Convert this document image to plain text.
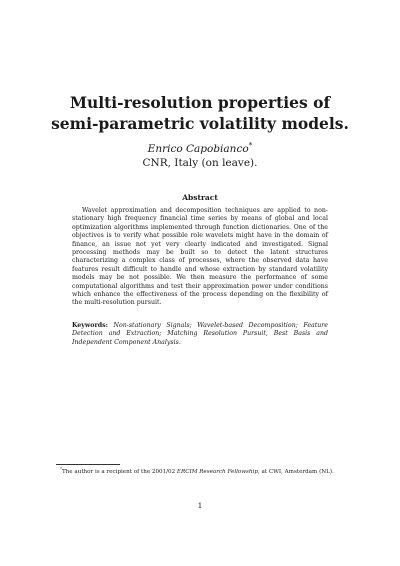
Multi-resolution properties of
semi-parametric volatility models.
Enrico Capobianco*
CNR, Italy (on leave).
Abstract
Wavelet approximation and decomposition techniques are applied to non-stationary high frequency financial time series by means of global and local optimization algorithms implemented through function dictionaries. One of the objectives is to verify what possible role wavelets might have in the domain of finance, an issue not yet very clearly indicated and investigated. Signal processing methods may be built so to detect the latent structures characterizing a complex class of processes, where the observed data have features result difficult to handle and whose extraction by standard volatility models may be not possible. We then measure the performance of some computational algorithms and test their approximation power under conditions which enhance the effectiveness of the process depending on the flexibility of the multi-resolution pursuit.
Keywords: Non-stationary Signals; Wavelet-based Decomposition; Feature Detection and Extraction; Matching Resolution Pursuit, Best Basis and Independent Component Analysis.
*The author is a recipient of the 2001/02 ERCIM Research Fellowship, at CWI, Amsterdam (NL).
1
